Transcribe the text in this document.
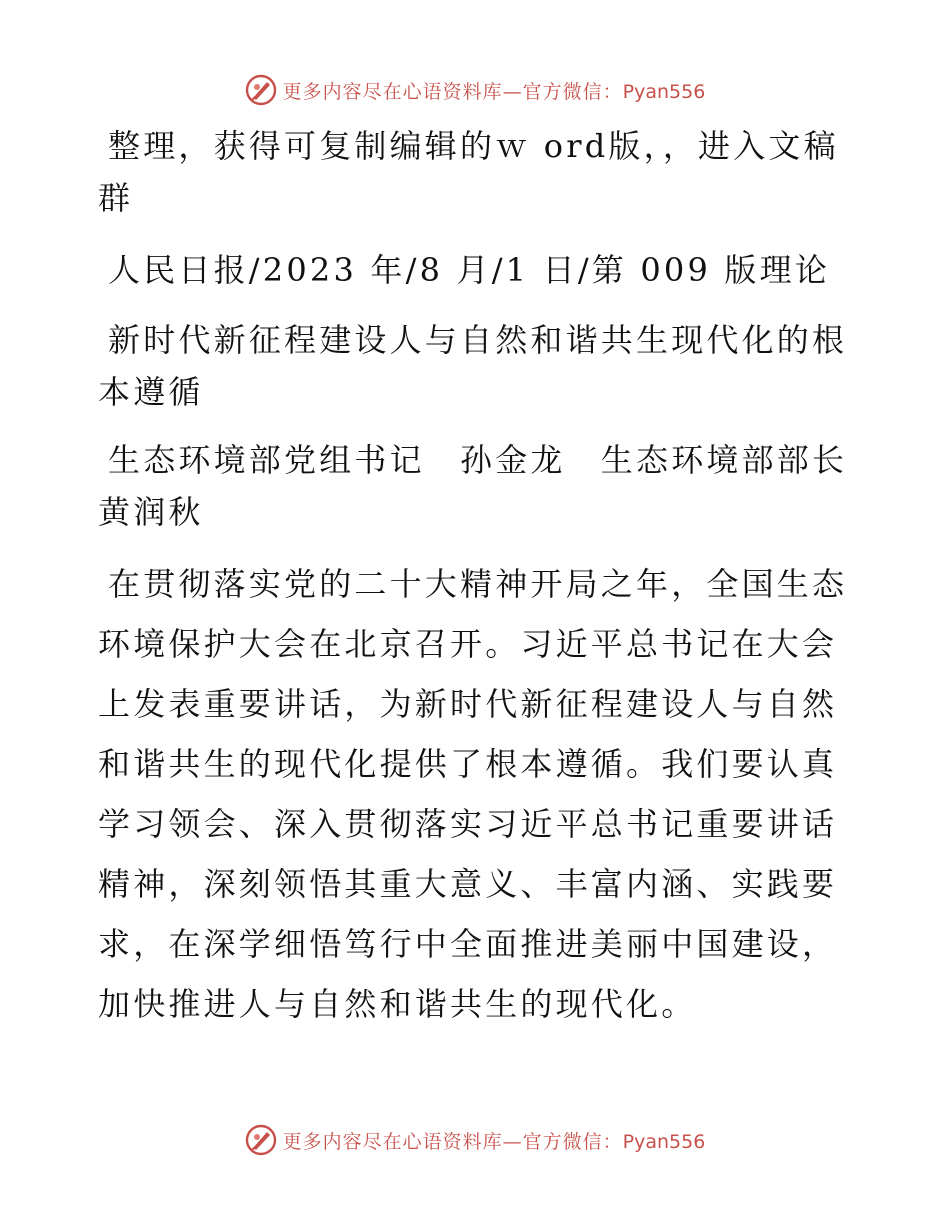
更多内容尽在心语资料库—官方微信：Pyan556

整理，获得可复制编辑的ｗ ord版，，进入文稿群

人民日报/2023 年/8 月/1 日/第 009 版理论

新时代新征程建设人与自然和谐共生现代化的根本遵循

生态环境部党组书记　孙金龙　生态环境部部长黄润秋

在贯彻落实党的二十大精神开局之年，全国生态环境保护大会在北京召开。习近平总书记在大会上发表重要讲话，为新时代新征程建设人与自然和谐共生的现代化提供了根本遵循。我们要认真学习领会、深入贯彻落实习近平总书记重要讲话精神，深刻领悟其重大意义、丰富内涵、实践要求，在深学细悟笃行中全面推进美丽中国建设，加快推进人与自然和谐共生的现代化。

更多内容尽在心语资料库—官方微信：Pyan556
